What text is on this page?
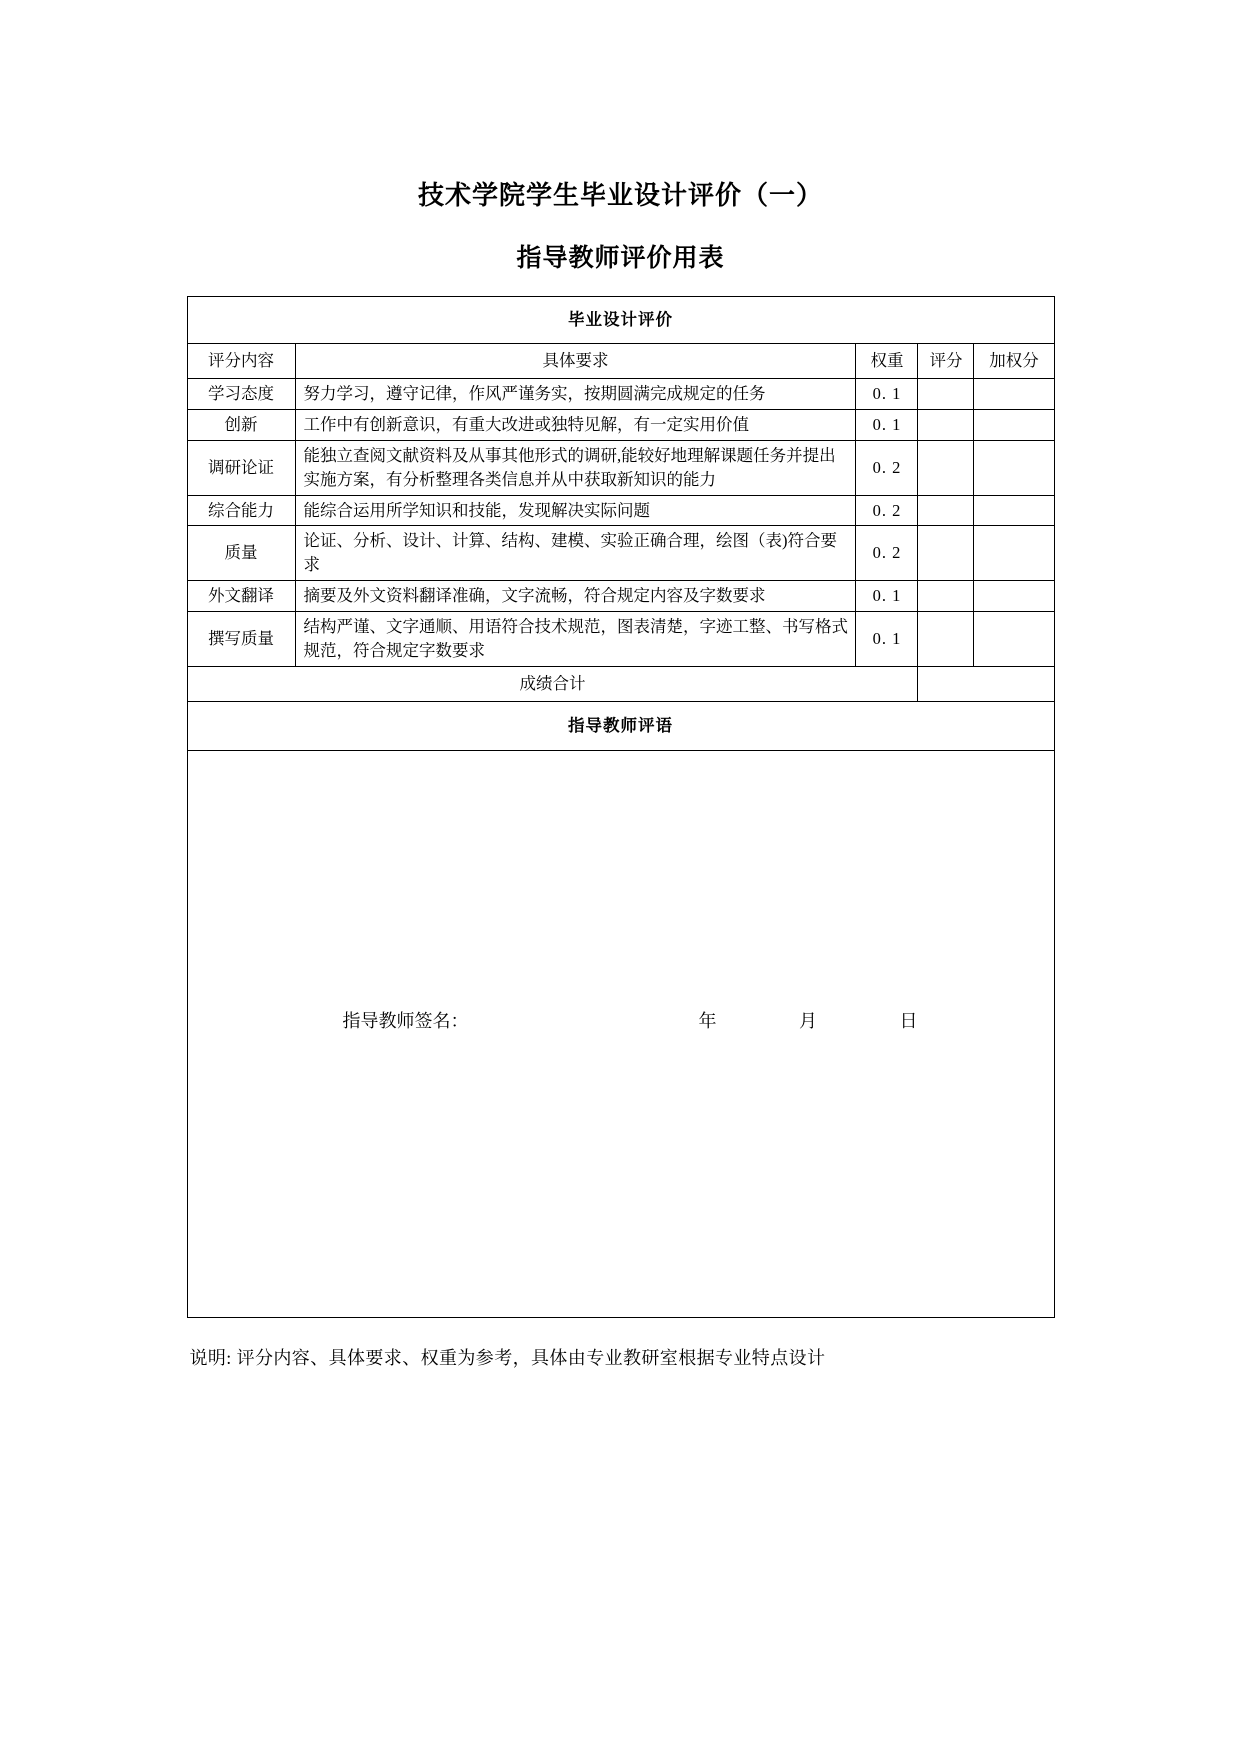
技术学院学生毕业设计评价（一）
指导教师评价用表
毕业设计评价				
评分内容	具体要求	权重	评分	加权分
学习态度	努力学习，遵守记律，作风严谨务实，按期圆满完成规定的任务	0. 1		
创新	工作中有创新意识，有重大改进或独特见解，有一定实用价值	0. 1		
调研论证	能独立查阅文献资料及从事其他形式的调研,能较好地理解课题任务并提出实施方案，有分析整理各类信息并从中获取新知识的能力	0. 2		
综合能力	能综合运用所学知识和技能，发现解决实际问题	0. 2		
质量	论证、分析、设计、计算、结构、建模、实验正确合理，绘图（表)符合要求	0. 2		
外文翻译	摘要及外文资料翻译准确，文字流畅，符合规定内容及字数要求	0. 1		
撰写质量	结构严谨、文字通顺、用语符合技术规范，图表清楚，字迹工整、书写格式规范，符合规定字数要求	0. 1		
成绩合计				
指导教师评语				

指导教师签名： 年 月 日				
说明: 评分内容、具体要求、权重为参考，具体由专业教研室根据专业特点设计
